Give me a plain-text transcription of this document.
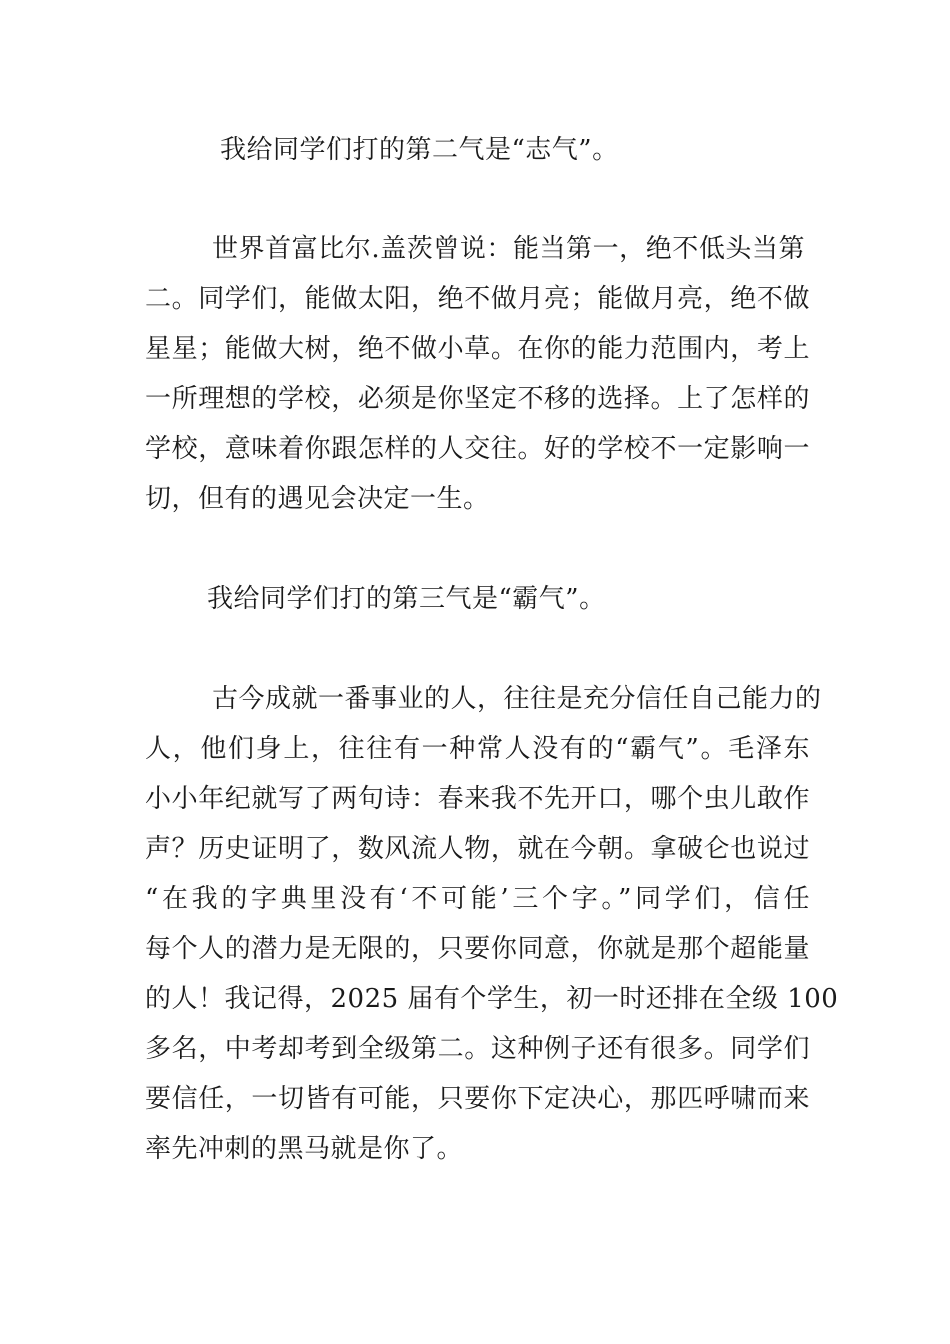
我给同学们打的第二气是“志气”。
世界首富比尔.盖茨曾说：能当第一，绝不低头当第
二。同学们，能做太阳，绝不做月亮；能做月亮，绝不做
星星；能做大树，绝不做小草。在你的能力范围内，考上
一所理想的学校，必须是你坚定不移的选择。上了怎样的
学校，意味着你跟怎样的人交往。好的学校不一定影响一
切，但有的遇见会决定一生。
我给同学们打的第三气是“霸气”。
古今成就一番事业的人，往往是充分信任自己能力的
人，他们身上，往往有一种常人没有的“霸气”。毛泽东
小小年纪就写了两句诗：春来我不先开口，哪个虫儿敢作
声？历史证明了，数风流人物，就在今朝。拿破仑也说过
“在我的字典里没有‘不可能’三个字。”同学们，信任
每个人的潜力是无限的，只要你同意，你就是那个超能量
的人！我记得，2025 届有个学生，初一时还排在全级 100
多名，中考却考到全级第二。这种例子还有很多。同学们
要信任，一切皆有可能，只要你下定决心，那匹呼啸而来
率先冲刺的黑马就是你了。
